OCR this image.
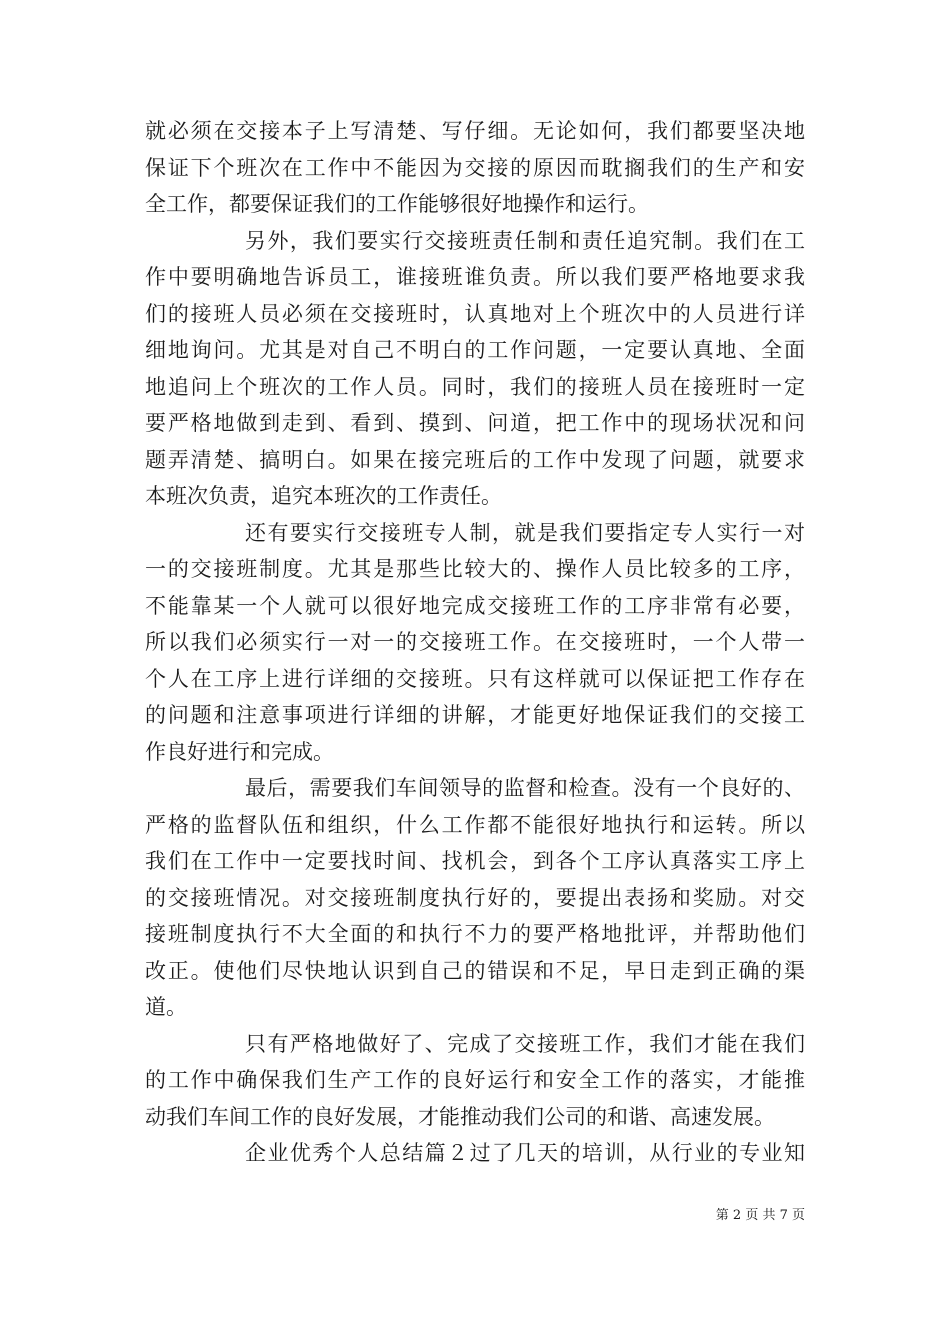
就必须在交接本子上写清楚、写仔细。无论如何，我们都要坚决地
保证下个班次在工作中不能因为交接的原因而耽搁我们的生产和安
全工作，都要保证我们的工作能够很好地操作和运行。
另外，我们要实行交接班责任制和责任追究制。我们在工
作中要明确地告诉员工，谁接班谁负责。所以我们要严格地要求我
们的接班人员必须在交接班时，认真地对上个班次中的人员进行详
细地询问。尤其是对自己不明白的工作问题，一定要认真地、全面
地追问上个班次的工作人员。同时，我们的接班人员在接班时一定
要严格地做到走到、看到、摸到、问道，把工作中的现场状况和问
题弄清楚、搞明白。如果在接完班后的工作中发现了问题，就要求
本班次负责，追究本班次的工作责任。
还有要实行交接班专人制，就是我们要指定专人实行一对
一的交接班制度。尤其是那些比较大的、操作人员比较多的工序，
不能靠某一个人就可以很好地完成交接班工作的工序非常有必要，
所以我们必须实行一对一的交接班工作。在交接班时，一个人带一
个人在工序上进行详细的交接班。只有这样就可以保证把工作存在
的问题和注意事项进行详细的讲解，才能更好地保证我们的交接工
作良好进行和完成。
最后，需要我们车间领导的监督和检查。没有一个良好的、
严格的监督队伍和组织，什么工作都不能很好地执行和运转。所以
我们在工作中一定要找时间、找机会，到各个工序认真落实工序上
的交接班情况。对交接班制度执行好的，要提出表扬和奖励。对交
接班制度执行不大全面的和执行不力的要严格地批评，并帮助他们
改正。使他们尽快地认识到自己的错误和不足，早日走到正确的渠
道。
只有严格地做好了、完成了交接班工作，我们才能在我们
的工作中确保我们生产工作的良好运行和安全工作的落实，才能推
动我们车间工作的良好发展，才能推动我们公司的和谐、高速发展。
企业优秀个人总结篇２过了几天的培训，从行业的专业知
第 2 页 共 7 页
